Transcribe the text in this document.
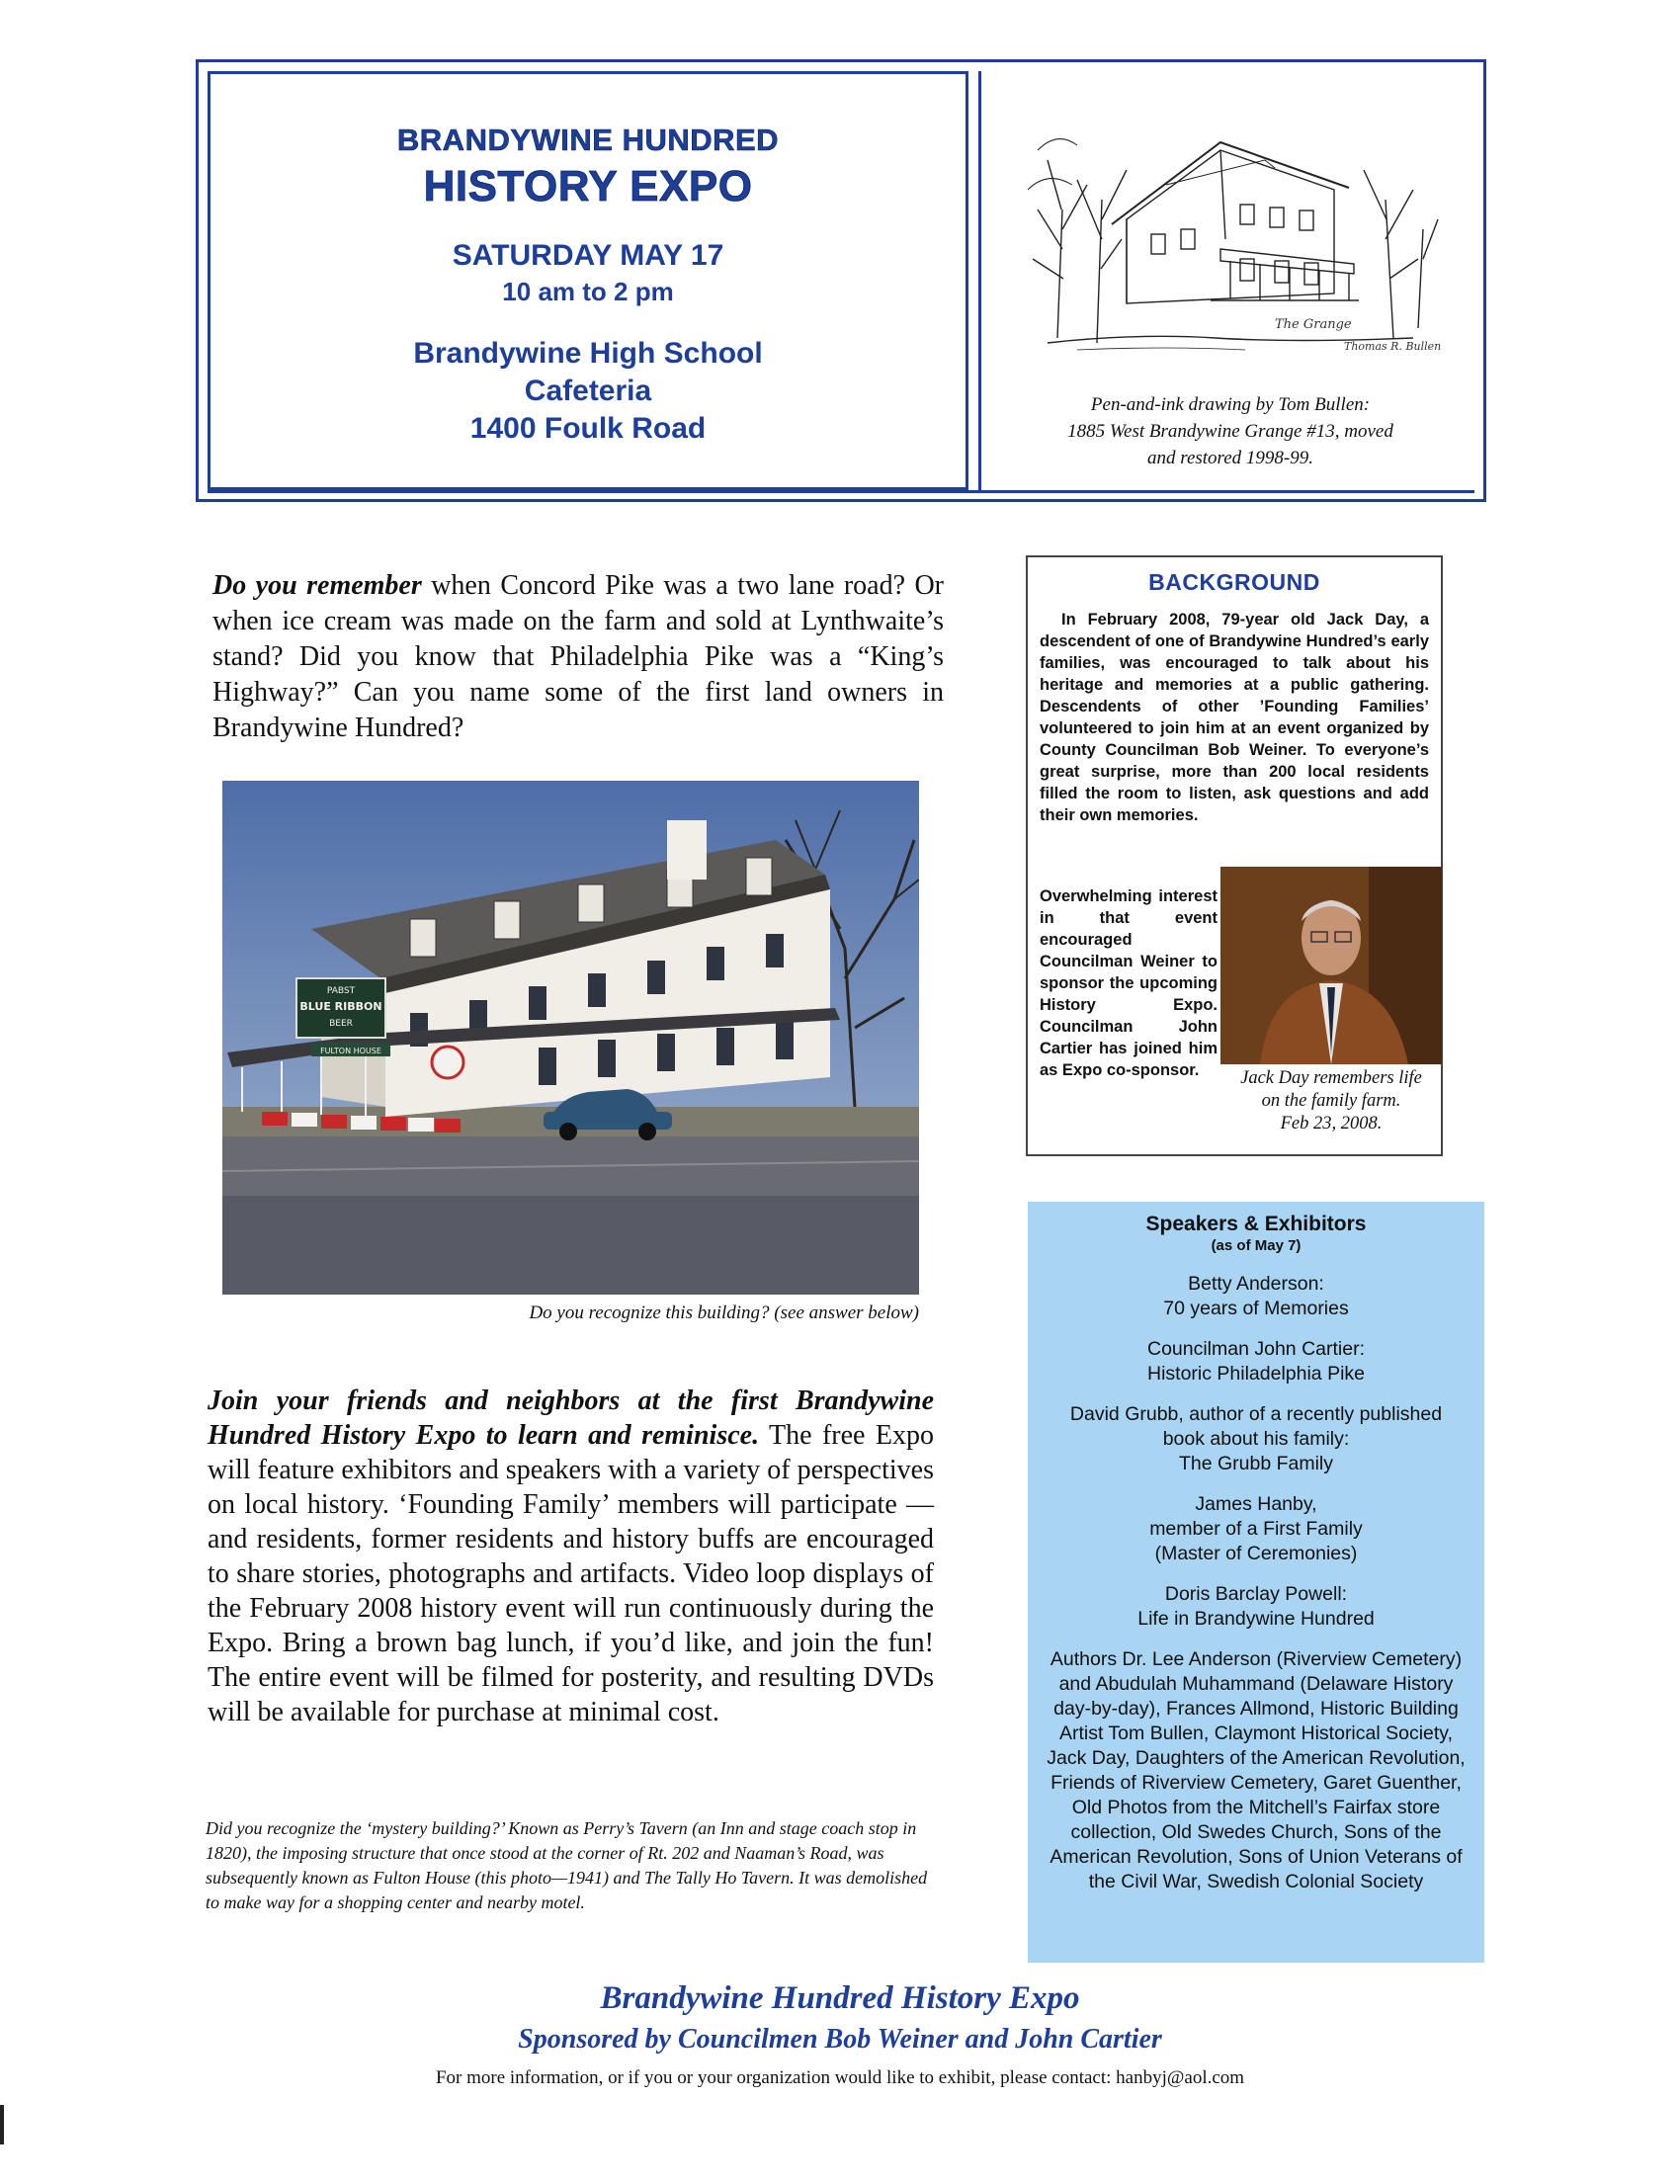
BRANDYWINE HUNDRED
HISTORY EXPO
SATURDAY MAY 17
10 am to 2 pm
Brandywine High School
Cafeteria
1400 Foulk Road
The Grange
Thomas R. Bullen
Pen-and-ink drawing by Tom Bullen:
1885 West Brandywine Grange #13, moved
and restored 1998-99.
Do you remember when Concord Pike was a two lane road? Or when ice cream was made on the farm and sold at Lynthwaite’s stand? Did you know that Philadelphia Pike was a “King’s Highway?” Can you name some of the first land owners in Brandywine Hundred?
PABST
BLUE RIBBON
BEER
FULTON HOUSE
Do you recognize this building? (see answer below)
Join your friends and neighbors at the first Brandywine Hundred History Expo to learn and reminisce. The free Expo will feature exhibitors and speakers with a variety of perspectives on local history. ‘Founding Family’ members will participate — and residents, former residents and history buffs are encouraged to share stories, photographs and artifacts. Video loop displays of the February 2008 history event will run continuously during the Expo. Bring a brown bag lunch, if you’d like, and join the fun! The entire event will be filmed for posterity, and resulting DVDs will be available for purchase at minimal cost.
Did you recognize the ‘mystery building?’ Known as Perry’s Tavern (an Inn and stage coach stop in 1820), the imposing structure that once stood at the corner of Rt. 202 and Naaman’s Road, was subsequently known as Fulton House (this photo—1941) and The Tally Ho Tavern. It was demolished to make way for a shopping center and nearby motel.
BACKGROUND
In February 2008, 79-year old Jack Day, a descendent of one of Brandywine Hundred’s early families, was encouraged to talk about his heritage and memories at a public gathering. Descendents of other ’Founding Families’ volunteered to join him at an event organized by County Councilman Bob Weiner. To everyone’s great surprise, more than 200 local residents filled the room to listen, ask questions and add their own memories.
Overwhelming interest in that event encouraged Councilman Weiner to sponsor the upcoming History Expo. Councilman John Cartier has joined him as Expo co-sponsor.	Jack Day remembers life
on the family farm.
Feb 23, 2008.
Speakers & Exhibitors
(as of May 7)
Betty Anderson:
70 years of Memories
Councilman John Cartier:
Historic Philadelphia Pike
David Grubb, author of a recently published
book about his family:
The Grubb Family
James Hanby,
member of a First Family
(Master of Ceremonies)
Doris Barclay Powell:
Life in Brandywine Hundred
Authors Dr. Lee Anderson (Riverview Cemetery) and Abudulah Muhammand (Delaware History day-by-day), Frances Allmond, Historic Building Artist Tom Bullen, Claymont Historical Society, Jack Day, Daughters of the American Revolution, Friends of Riverview Cemetery, Garet Guenther, Old Photos from the Mitchell’s Fairfax store collection, Old Swedes Church, Sons of the American Revolution, Sons of Union Veterans of the Civil War, Swedish Colonial Society
Brandywine Hundred History Expo
Sponsored by Councilmen Bob Weiner and John Cartier
For more information, or if you or your organization would like to exhibit, please contact: hanbyj@aol.com
